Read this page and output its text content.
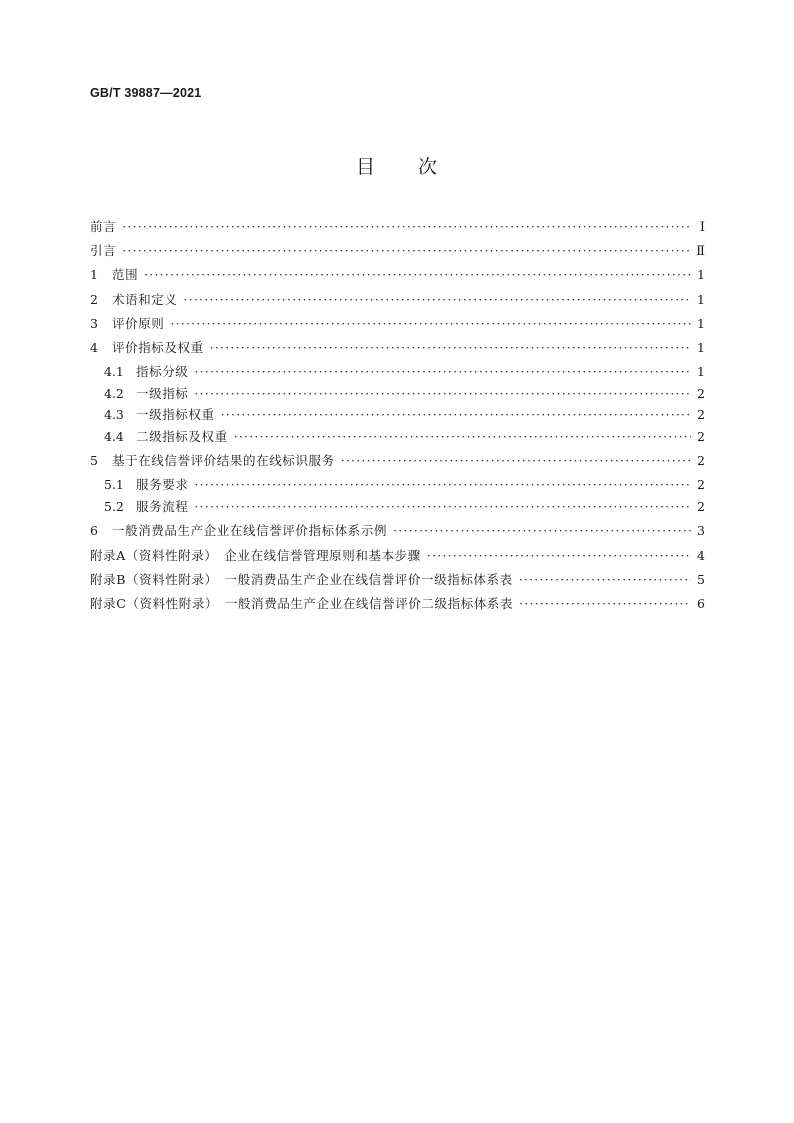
GB/T 39887—2021
目 次
前言 ·····	Ⅰ
引言 ·····	Ⅱ
1	范围 ·····	1
2	术语和定义 ·····	1
3	评价原则 ·····	1
4	评价指标及权重 ·····	1
4.1 指标分级 ·····	1
4.2 一级指标 ·····	2
4.3 一级指标权重 ·····	2
4.4 二级指标及权重 ·····	2
5	基于在线信誉评价结果的在线标识服务 ·····	2
5.1 服务要求 ·····	2
5.2 服务流程 ·····	2
6	一般消费品生产企业在线信誉评价指标体系示例 ·····	3
附录A（资料性附录）　企业在线信誉管理原则和基本步骤 ·····	4
附录B（资料性附录）　一般消费品生产企业在线信誉评价一级指标体系表 ·····	5
附录C（资料性附录）　一般消费品生产企业在线信誉评价二级指标体系表 ·····	6
